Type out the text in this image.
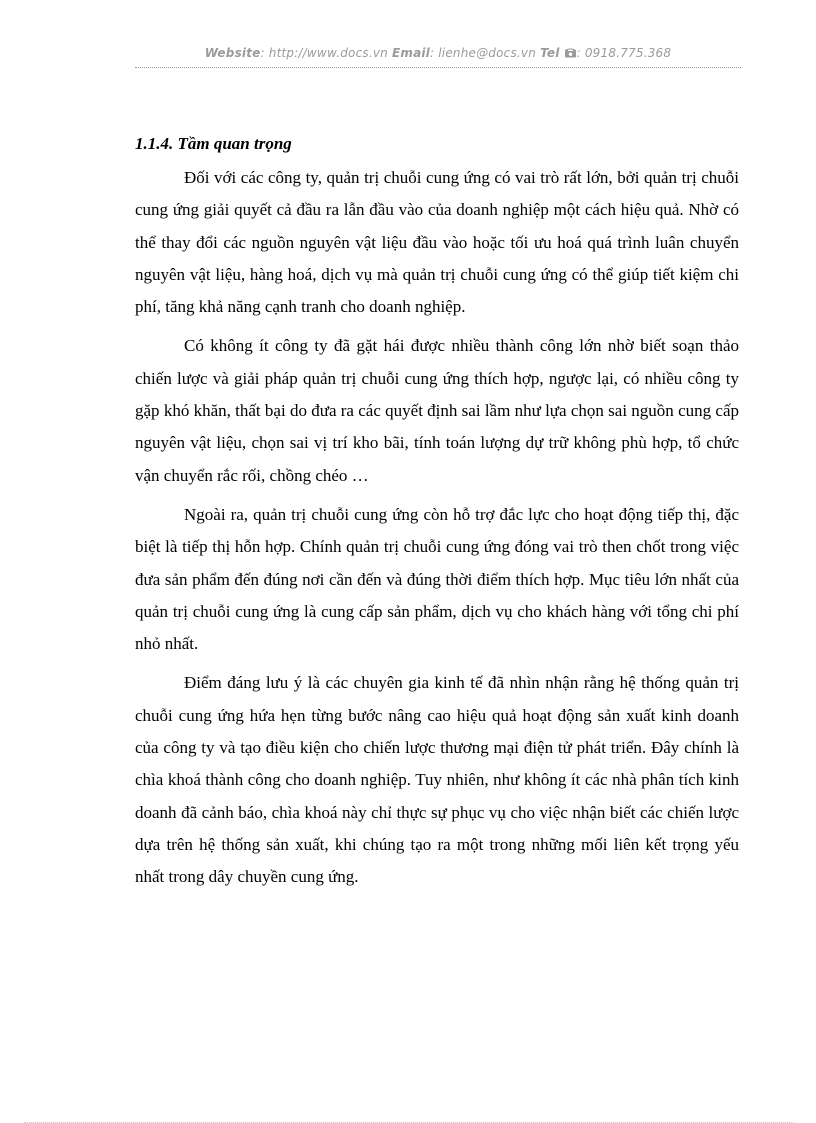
Website: http://www.docs.vn Email: lienhe@docs.vn Tel : 0918.775.368
1.1.4. Tầm quan trọng

Đối với các công ty, quản trị chuỗi cung ứng có vai trò rất lớn, bởi quản trị chuỗi cung ứng giải quyết cả đầu ra lẫn đầu vào của doanh nghiệp một cách hiệu quả. Nhờ có thể thay đổi các nguồn nguyên vật liệu đầu vào hoặc tối ưu hoá quá trình luân chuyển nguyên vật liệu, hàng hoá, dịch vụ mà quản trị chuỗi cung ứng có thể giúp tiết kiệm chi phí, tăng khả năng cạnh tranh cho doanh nghiệp.

Có không ít công ty đã gặt hái được nhiều thành công lớn nhờ biết soạn thảo chiến lược và giải pháp quản trị chuỗi cung ứng thích hợp, ngược lại, có nhiều công ty gặp khó khăn, thất bại do đưa ra các quyết định sai lầm như lựa chọn sai nguồn cung cấp nguyên vật liệu, chọn sai vị trí kho bãi, tính toán lượng dự trữ không phù hợp, tổ chức vận chuyển rắc rối, chồng chéo …

Ngoài ra, quản trị chuỗi cung ứng còn hỗ trợ đắc lực cho hoạt động tiếp thị, đặc biệt là tiếp thị hỗn hợp. Chính quản trị chuỗi cung ứng đóng vai trò then chốt trong việc đưa sản phẩm đến đúng nơi cần đến và đúng thời điểm thích hợp. Mục tiêu lớn nhất của quản trị chuỗi cung ứng là cung cấp sản phẩm, dịch vụ cho khách hàng với tổng chi phí nhỏ nhất.

Điểm đáng lưu ý là các chuyên gia kinh tế đã nhìn nhận rằng hệ thống quản trị chuỗi cung ứng hứa hẹn từng bước nâng cao hiệu quả hoạt động sản xuất kinh doanh của công ty và tạo điều kiện cho chiến lược thương mại điện tử phát triển. Đây chính là chìa khoá thành công cho doanh nghiệp. Tuy nhiên, như không ít các nhà phân tích kinh doanh đã cảnh báo, chìa khoá này chỉ thực sự phục vụ cho việc nhận biết các chiến lược dựa trên hệ thống sản xuất, khi chúng tạo ra một trong những mối liên kết trọng yếu nhất trong dây chuyền cung ứng.
